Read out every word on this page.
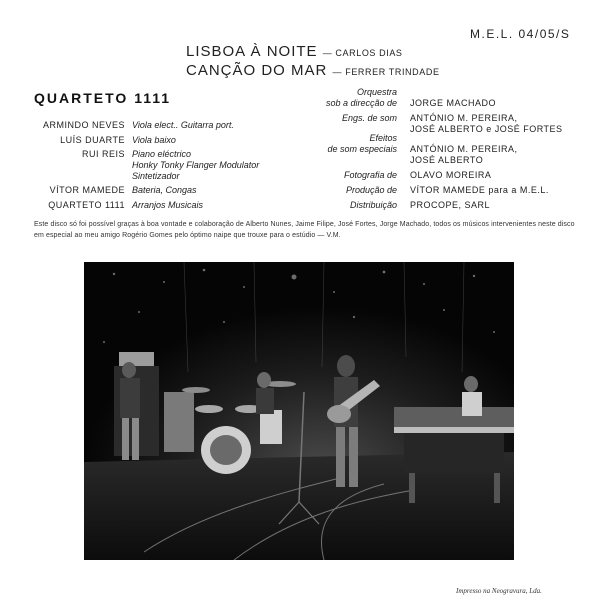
M.E.L. 04/05/S
LISBOA À NOITE — CARLOS DIAS
CANÇÃO DO MAR — FERRER TRINDADE
QUARTETO 1111
ARMINDO NEVES Viola elect.. Guitarra port.
LUÍS DUARTE Viola baixo
RUI REIS Piano eléctrico
Honky Tonky Flanger Modulator
Sintetizador
VÍTOR MAMEDE Bateria, Congas
QUARTETO 1111 Arranjos Musicais
Orquestra
sob a direcção de JORGE MACHADO
Engs. de som ANTÓNIO M. PEREIRA,
JOSÉ ALBERTO e JOSÉ FORTES
Efeitos
de som especiais ANTÓNIO M. PEREIRA,
JOSÉ ALBERTO
Fotografia de OLAVO MOREIRA
Produção de VÍTOR MAMEDE para a M.E.L.
Distribuição PROCOPE, SARL
Este disco só foi possível graças à boa vontade e colaboração de Alberto Nunes, Jaime Filipe, José Fortes, Jorge Machado, todos os músicos intervenientes neste disco em especial ao meu amigo Rogério Gomes pelo óptimo naipe que trouxe para o estúdio — V.M.
Impresso na Neogravura, Lda.
